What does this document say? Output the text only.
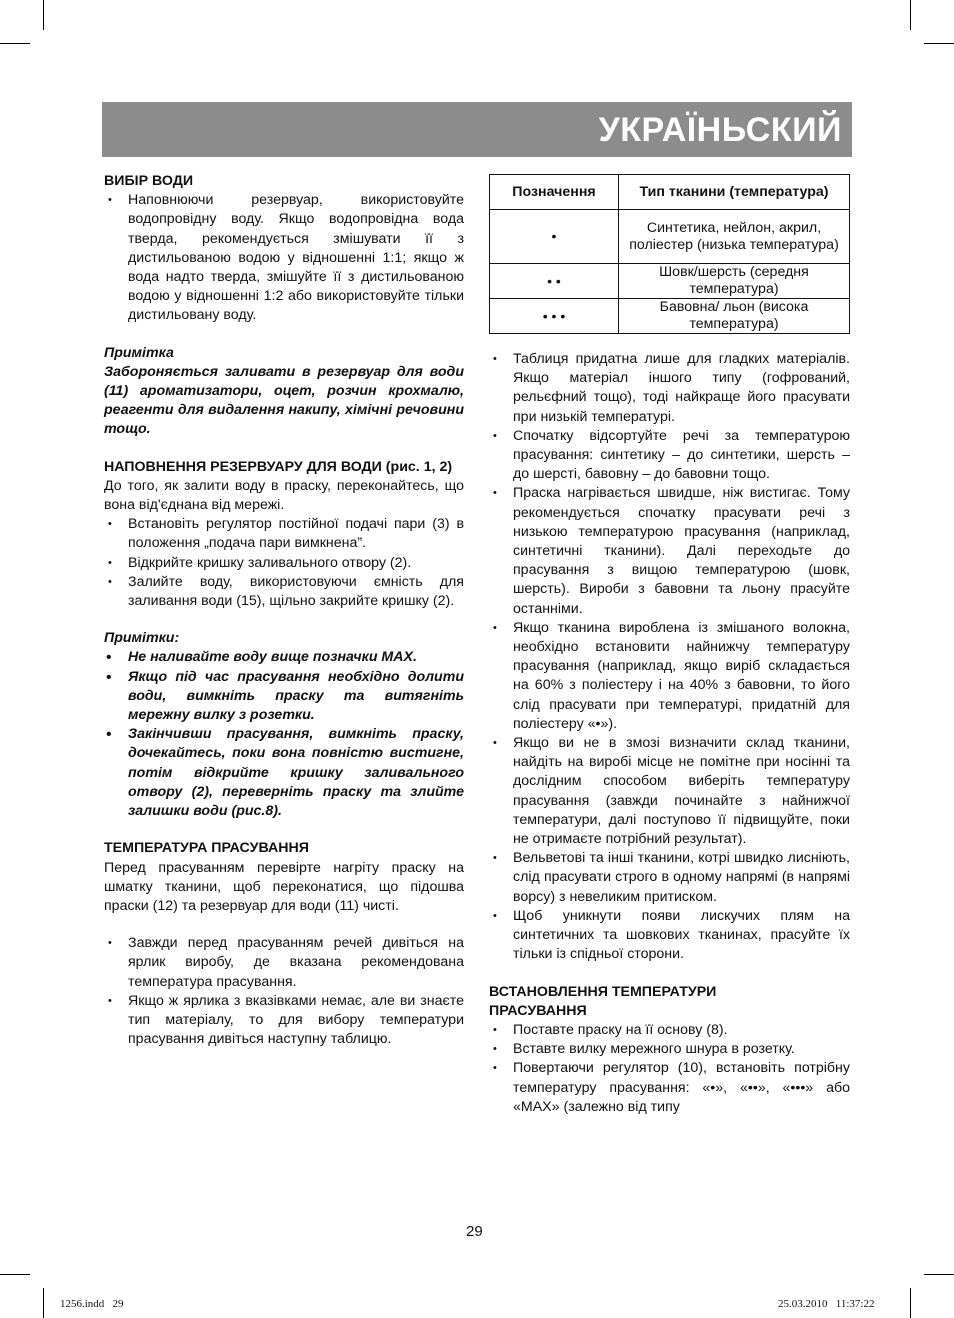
УКРАЇНЬСКИЙ
ВИБІР ВОДИ
• Наповнюючи резервуар, використовуйте водопровідну воду. Якщо водопровідна вода тверда, рекомендується змішувати її з дистильованою водою у відношенні 1:1; якщо ж вода надто тверда, змішуйте її з дистильованою водою у відношенні 1:2 або використовуйте тільки дистильовану воду.
Примітка

Забороняється заливати в резервуар для води (11) ароматизатори, оцет, розчин крохмалю, реагенти для видалення накипу, хімічні речовини тощо.

НАПОВНЕННЯ РЕЗЕРВУАРУ ДЛЯ ВОДИ (рис. 1, 2)

До того, як залити воду в праску, переконайтесь, що вона від'єднана від мережі.

• Встановіть регулятор постійної подачі пари (3) в положення „подача пари вимкнена”.
• Відкрийте кришку заливального отвору (2).
• Залийте воду, використовуючи ємність для заливання води (15), щільно закрийте кришку (2).
Примітки:
• Не наливайте воду вище позначки MAX.
• Якщо під час прасування необхідно долити води, вимкніть праску та витягніть мережну вилку з розетки.
• Закінчивши прасування, вимкніть праску, дочекайтесь, поки вона повністю вистигне, потім відкрийте кришку заливального отвору (2), переверніть праску та злийте залишки води (рис.8).
ТЕМПЕРАТУРА ПРАСУВАННЯ

Перед прасуванням перевірте нагріту праску на шматку тканини, щоб переконатися, що підошва праски (12) та резервуар для води (11) чисті.

• Завжди перед прасуванням речей дивіться на ярлик виробу, де вказана рекомендована температура прасування.
• Якщо ж ярлика з вказівками немає, але ви знаєте тип матеріалу, то для вибору температури прасування дивіться наступну таблицю.
Позначення	Тип тканини (температура)
•	Синтетика, нейлон, акрил, поліестер (низька температура)
• •	Шовк/шерсть (середня температура)
• • •	Бавовна/ льон (висока температура)
• Таблиця придатна лише для гладких матеріалів. Якщо матеріал іншого типу (гофрований, рельєфний тощо), тоді найкраще його прасувати при низькій температурі.
• Спочатку відсортуйте речі за температурою прасування: синтетику – до синтетики, шерсть – до шерсті, бавовну – до бавовни тощо.
• Праска нагрівається швидше, ніж вистигає. Тому рекомендується спочатку прасувати речі з низькою температурою прасування (наприклад, синтетичні тканини). Далі переходьте до прасування з вищою температурою (шовк, шерсть). Вироби з бавовни та льону прасуйте останніми.
• Якщо тканина вироблена із змішаного волокна, необхідно встановити найнижчу температуру прасування (наприклад, якщо виріб складається на 60% з поліестеру і на 40% з бавовни, то його слід прасувати при температурі, придатній для поліестеру «•»).
• Якщо ви не в змозі визначити склад тканини, найдіть на виробі місце не помітне при носінні та дослідним способом виберіть температуру прасування (завжди починайте з найнижчої температури, далі поступово її підвищуйте, поки не отримаєте потрібний результат).
• Вельветові та інші тканини, котрі швидко лисніють, слід прасувати строго в одному напрямі (в напрямі ворсу) з невеликим притиском.
• Щоб уникнути появи лискучих плям на синтетичних та шовкових тканинах, прасуйте їх тільки із спідньої сторони.
ВСТАНОВЛЕННЯ ТЕМПЕРАТУРИ ПРАСУВАННЯ
• Поставте праску на її основу (8).
• Вставте вилку мережного шнура в розетку.
• Повертаючи регулятор (10), встановіть потрібну температуру прасування: «•», «••», «•••» або «MAX» (залежно від типу
29
1256.indd   29	25.03.2010   11:37:22
